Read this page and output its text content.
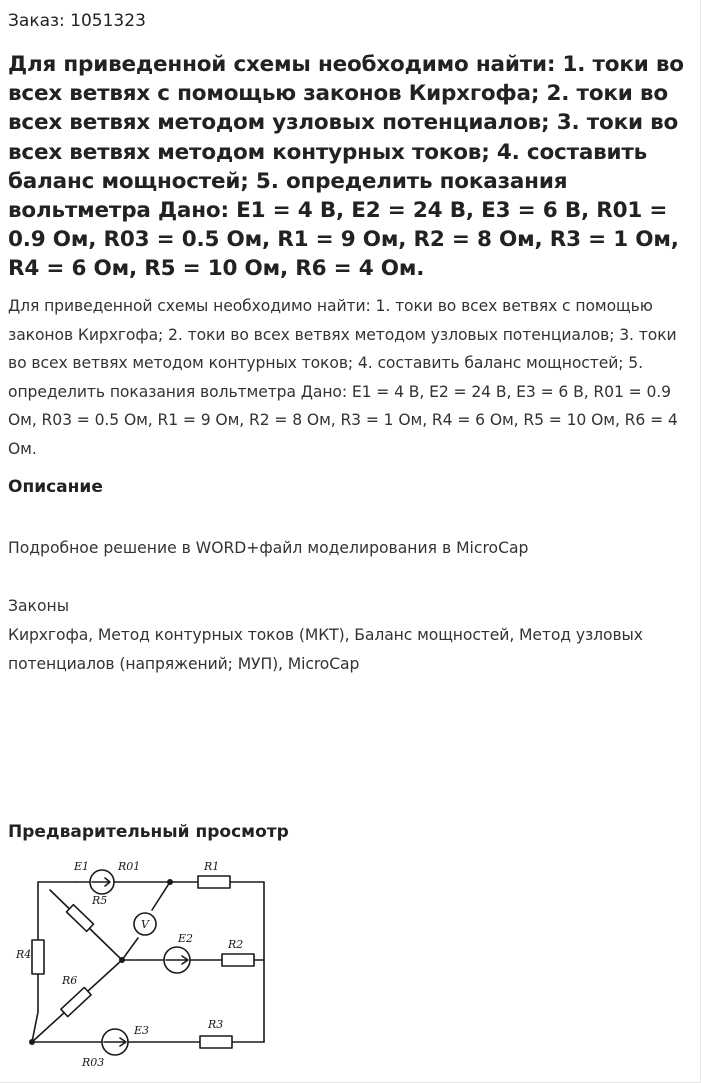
Заказ: 1051323
Для приведенной схемы необходимо найти: 1. токи во всех ветвях с помощью законов Кирхгофа; 2. токи во всех ветвях методом узловых потенциалов; 3. токи во всех ветвях методом контурных токов; 4. составить баланс мощностей; 5. определить показания вольтметра Дано: E1 = 4 В, E2 = 24 В, E3 = 6 В, R01 = 0.9 Ом, R03 = 0.5 Ом, R1 = 9 Ом, R2 = 8 Ом, R3 = 1 Ом, R4 = 6 Ом, R5 = 10 Ом, R6 = 4 Ом.

Для приведенной схемы необходимо найти: 1. токи во всех ветвях с помощью законов Кирхгофа; 2. токи во всех ветвях методом узловых потенциалов; 3. токи во всех ветвях методом контурных токов; 4. составить баланс мощностей; 5. определить показания вольтметра Дано: E1 = 4 В, E2 = 24 В, E3 = 6 В, R01 = 0.9 Ом, R03 = 0.5 Ом, R1 = 9 Ом, R2 = 8 Ом, R3 = 1 Ом, R4 = 6 Ом, R5 = 10 Ом, R6 = 4 Ом.

Описание

Подробное решение в WORD+файл моделирования в MicroCap

Законы

Кирхгофа, Метод контурных токов (МКТ), Баланс мощностей, Метод узловых потенциалов (напряжений; МУП), MicroCap

Предварительный просмотр
E1	R01	R1
R5
V
E2	R2
R4
R6
E3	R3
R03
